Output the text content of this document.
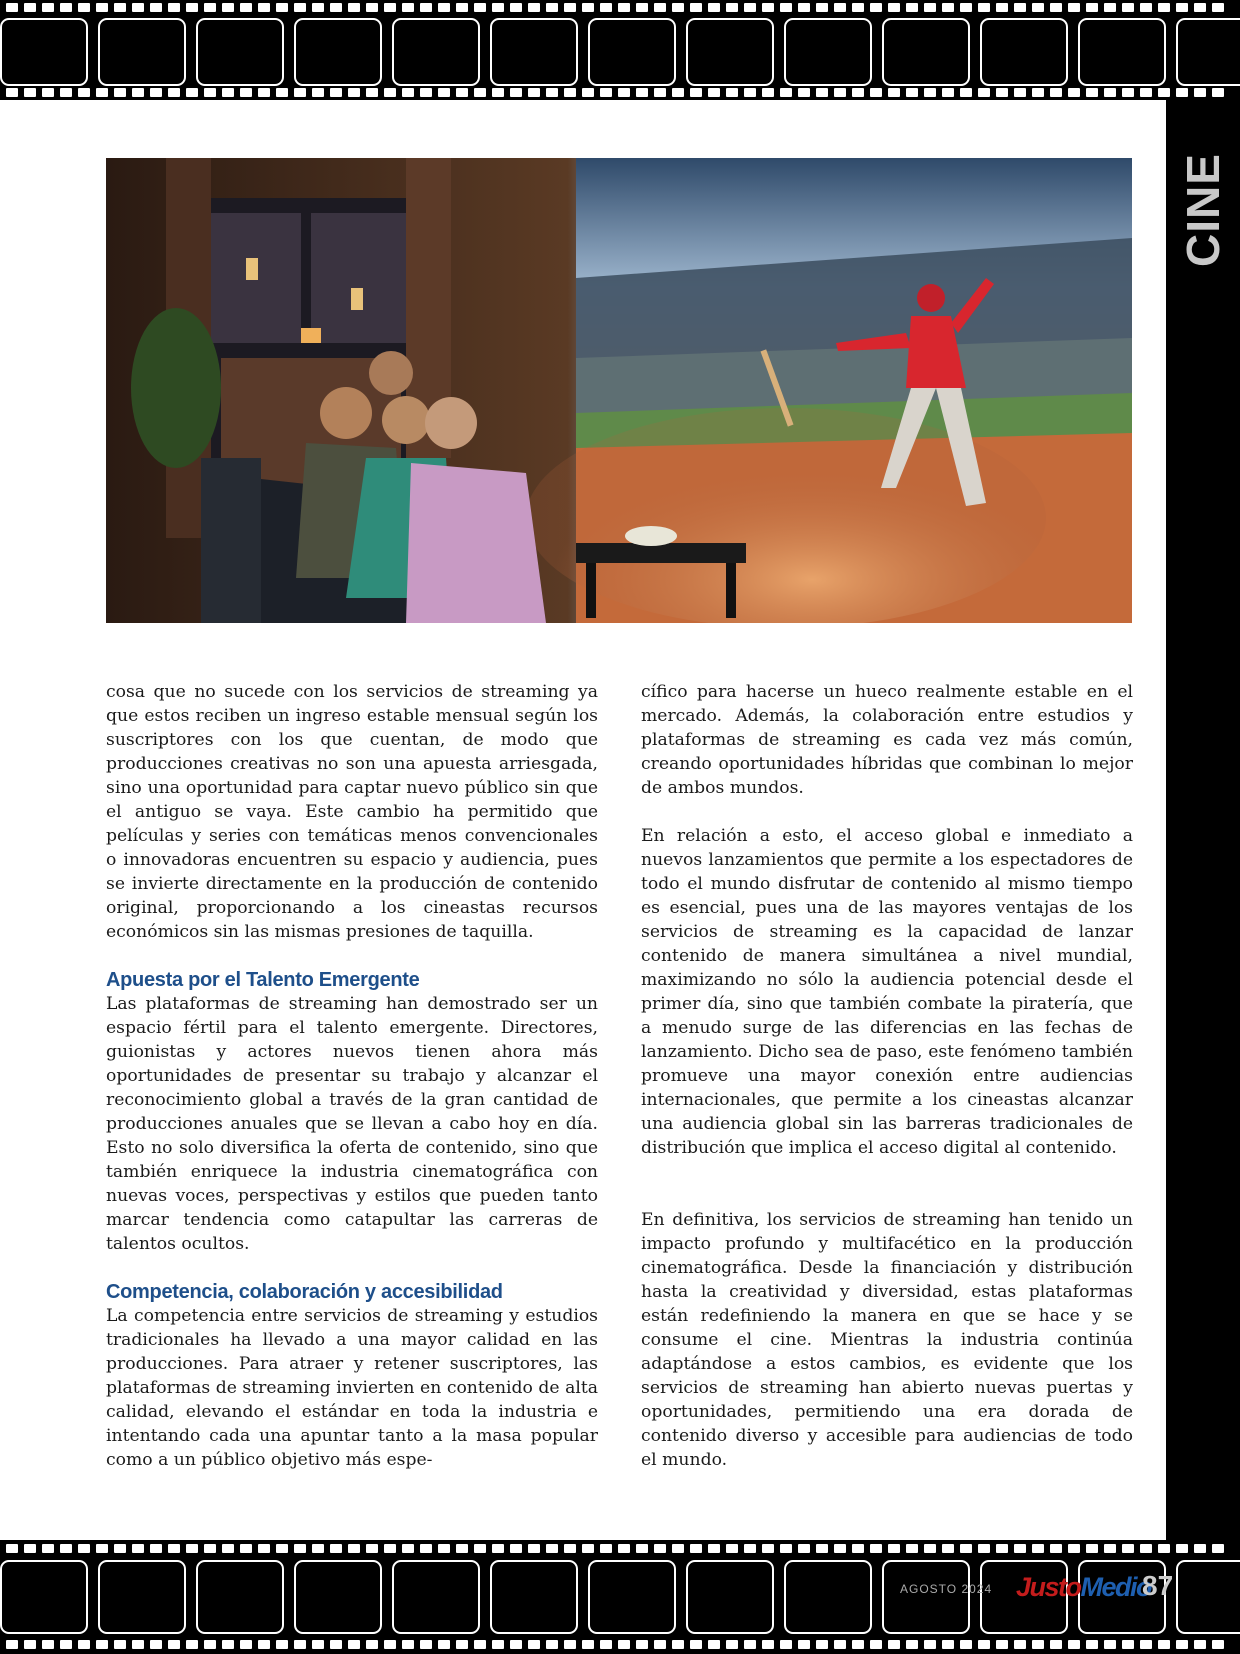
CINE

cosa que no sucede con los servicios de streaming ya que estos reciben un ingreso estable mensual según los suscriptores con los que cuentan, de modo que producciones creativas no son una apuesta arriesgada, sino una oportunidad para captar nuevo público sin que el antiguo se vaya. Este cambio ha permitido que películas y series con temáticas menos convencionales o innovadoras encuentren su espacio y audiencia, pues se invierte directamente en la producción de contenido original, proporcionando a los cineastas recursos económicos sin las mismas presiones de taquilla.

Apuesta por el Talento Emergente

Las plataformas de streaming han demostrado ser un espacio fértil para el talento emergente. Directores, guionistas y actores nuevos tienen ahora más oportunidades de presentar su trabajo y alcanzar el reconocimiento global a través de la gran cantidad de producciones anuales que se llevan a cabo hoy en día. Esto no solo diversifica la oferta de contenido, sino que también enriquece la industria cinematográfica con nuevas voces, perspectivas y estilos que pueden tanto marcar tendencia como catapultar las carreras de talentos ocultos.

Competencia, colaboración y accesibilidad

La competencia entre servicios de streaming y estudios tradicionales ha llevado a una mayor calidad en las producciones. Para atraer y retener suscriptores, las plataformas de streaming invierten en contenido de alta calidad, elevando el estándar en toda la industria e intentando cada una apuntar tanto a la masa popular como a un público objetivo más espe-

cífico para hacerse un hueco realmente estable en el mercado. Además, la colaboración entre estudios y plataformas de streaming es cada vez más común, creando oportunidades híbridas que combinan lo mejor de ambos mundos.

En relación a esto, el acceso global e inmediato a nuevos lanzamientos que permite a los espectadores de todo el mundo disfrutar de contenido al mismo tiempo es esencial, pues una de las mayores ventajas de los servicios de streaming es la capacidad de lanzar contenido de manera simultánea a nivel mundial, maximizando no sólo la audiencia potencial desde el primer día, sino que también combate la piratería, que a menudo surge de las diferencias en las fechas de lanzamiento. Dicho sea de paso, este fenómeno también promueve una mayor conexión entre audiencias internacionales, que permite a los cineastas alcanzar una audiencia global sin las barreras tradicionales de distribución que implica el acceso digital al contenido.

En definitiva, los servicios de streaming han tenido un impacto profundo y multifacético en la producción cinematográfica. Desde la financiación y distribución hasta la creatividad y diversidad, estas plataformas están redefiniendo la manera en que se hace y se consume el cine. Mientras la industria continúa adaptándose a estos cambios, es evidente que los servicios de streaming han abierto nuevas puertas y oportunidades, permitiendo una era dorada de contenido diverso y accesible para audiencias de todo el mundo.

AGOSTO 2024 JustoMedio
87
